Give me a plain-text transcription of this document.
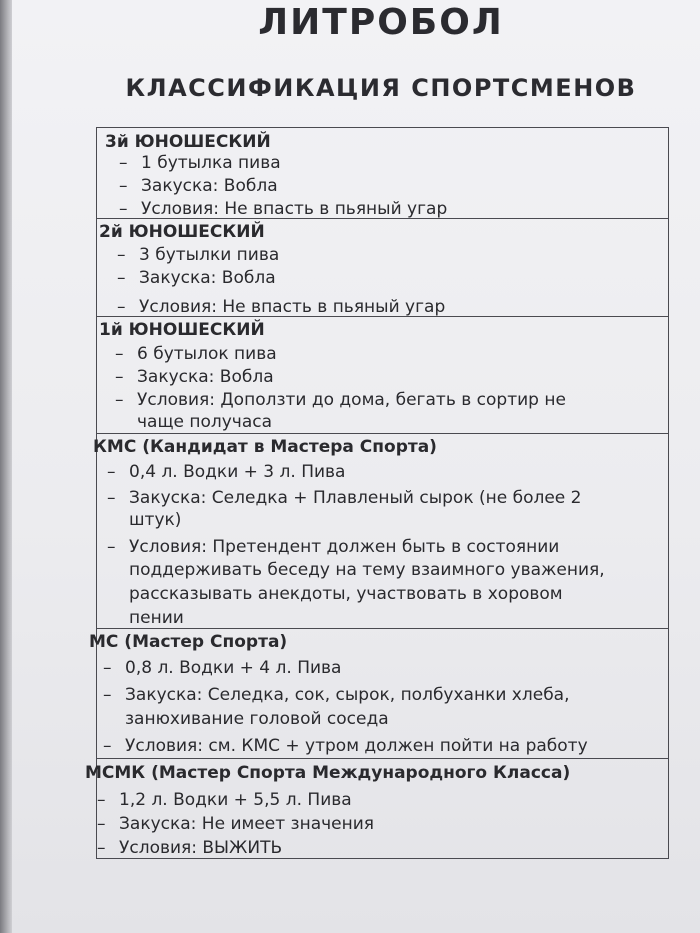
ЛИТРОБОЛ
КЛАССИФИКАЦИЯ СПОРТСМЕНОВ
3й ЮНОШЕСКИЙ
– 1 бутылка пива
– Закуска: Вобла
– Условия: Не впасть в пьяный угар
2й ЮНОШЕСКИЙ
– 3 бутылки пива
– Закуска: Вобла
– Условия: Не впасть в пьяный угар
1й ЮНОШЕСКИЙ
– 6 бутылок пива
– Закуска: Вобла
– Условия: Доползти до дома, бегать в сортир не
чаще получаса
КМС (Кандидат в Мастера Спорта)
– 0,4 л. Водки + 3 л. Пива
– Закуска: Селедка + Плавленый сырок (не более 2
штук)
– Условия: Претендент должен быть в состоянии
поддерживать беседу на тему взаимного уважения,
рассказывать анекдоты, участвовать в хоровом
пении
МС (Мастер Спорта)
– 0,8 л. Водки + 4 л. Пива
– Закуска: Селедка, сок, сырок, полбуханки хлеба,
занюхивание головой соседа
– Условия: см. КМС + утром должен пойти на работу
МСМК (Мастер Спорта Международного Класса)
– 1,2 л. Водки + 5,5 л. Пива
– Закуска: Не имеет значения
– Условия: ВЫЖИТЬ
